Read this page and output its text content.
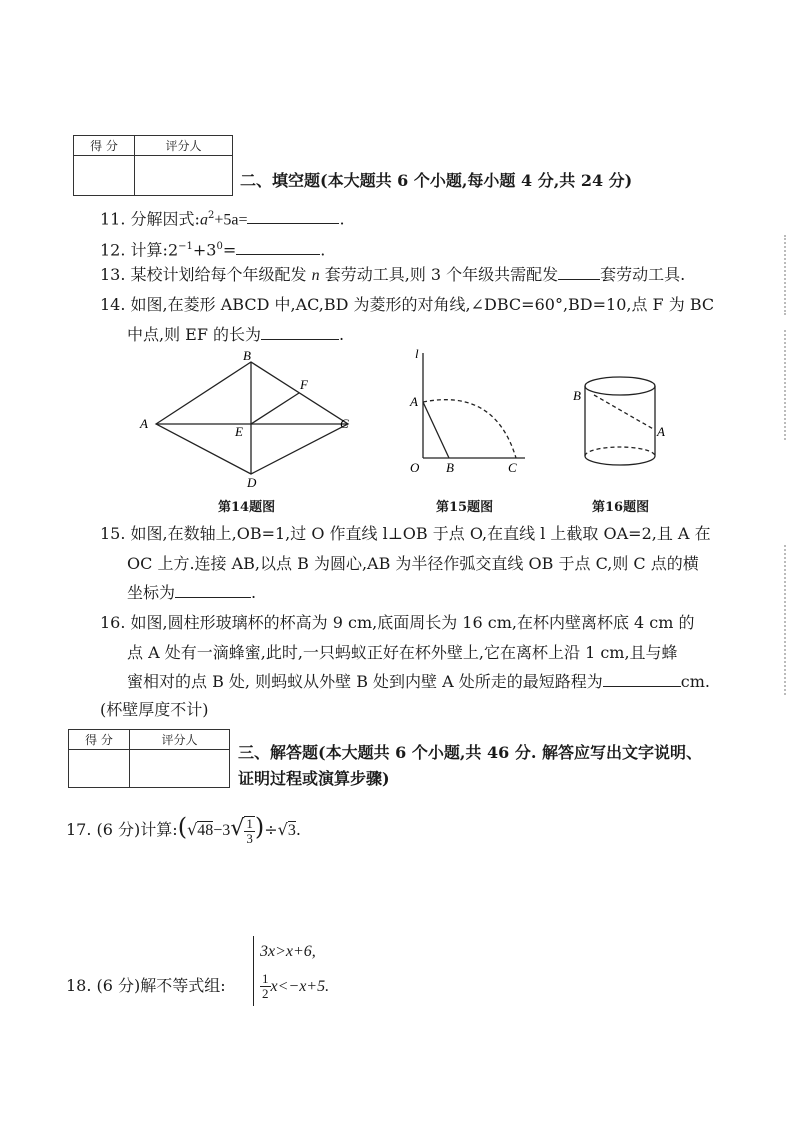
得 分	评分人

二、填空题(本大题共 6 个小题,每小题 4 分,共 24 分)
11. 分解因式$:a^2+5a=$	.
12. 计算$:2^{-1}+3^0=$	.
13. 某校计划给每个年级配发 n 套劳动工具,则 3 个年级共需配发	套劳动工具.
14. 如图,在菱形 ABCD 中,AC,BD 为菱形的对角线,∠DBC=60°,BD=10,点 F 为 BC
中点,则 EF 的长为	.
A
B
C
D
E
F
第14题图
l
A
O B	C
第15题图
B
A
第16题图
15. 如图,在数轴上,OB=1,过 O 作直线 l⊥OB 于点 O,在直线 l 上截取 OA=2,且 A 在
OC 上方.连接 AB,以点 B 为圆心,AB 为半径作弧交直线 OB 于点 C,则 C 点的横
坐标为	.
16. 如图,圆柱形玻璃杯的杯高为 9 cm,底面周长为 16 cm,在杯内壁离杯底 4 cm 的
点 A 处有一滴蜂蜜,此时,一只蚂蚁正好在杯外壁上,它在离杯上沿 1 cm,且与蜂
蜜相对的点 B 处, 则蚂蚁从外壁 B 处到内壁 A 处所走的最短路程为	cm.
(杯壁厚度不计)
得 分	评分人

三、解答题(本大题共 6 个小题,共 46 分. 解答应写出文字说明、
证明过程或演算步骤)
17. (6 分)计算:(√48−3√ $\frac{1}{3} )\div√3$.
18. (6 分)解不等式组:
3x>x+6,
$\frac{1}{2} x<-x+5$.
